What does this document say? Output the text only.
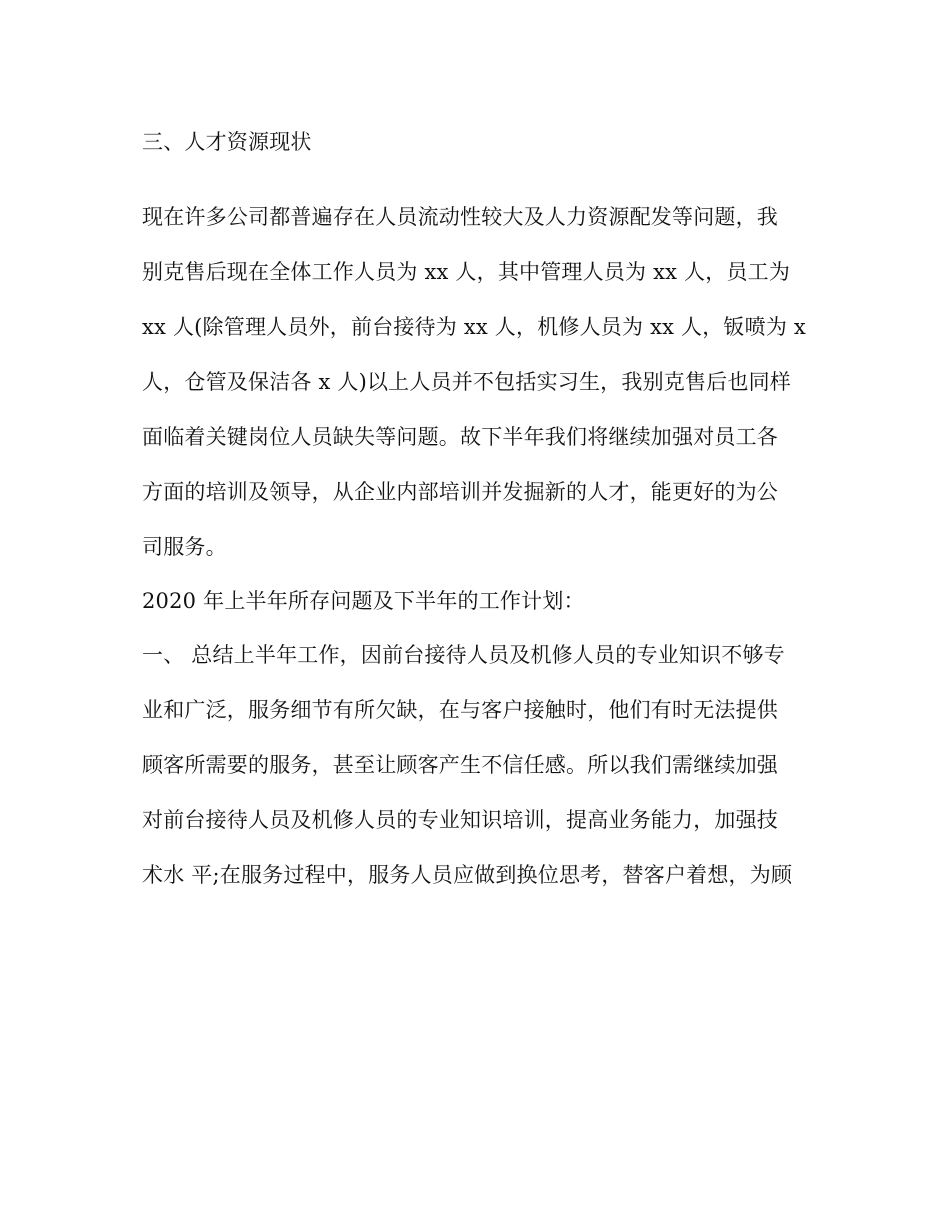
三、人才资源现状
现在许多公司都普遍存在人员流动性较大及人力资源配发等问题，我
别克售后现在全体工作人员为 xx 人，其中管理人员为 xx 人，员工为
xx 人(除管理人员外，前台接待为 xx 人，机修人员为 xx 人，钣喷为 x
人，仓管及保洁各 x 人)以上人员并不包括实习生，我别克售后也同样
面临着关键岗位人员缺失等问题。故下半年我们将继续加强对员工各
方面的培训及领导，从企业内部培训并发掘新的人才，能更好的为公
司服务。
2020 年上半年所存问题及下半年的工作计划：
一、 总结上半年工作，因前台接待人员及机修人员的专业知识不够专
业和广泛，服务细节有所欠缺，在与客户接触时，他们有时无法提供
顾客所需要的服务，甚至让顾客产生不信任感。所以我们需继续加强
对前台接待人员及机修人员的专业知识培训，提高业务能力，加强技
术水 平;在服务过程中，服务人员应做到换位思考，替客户着想，为顾
